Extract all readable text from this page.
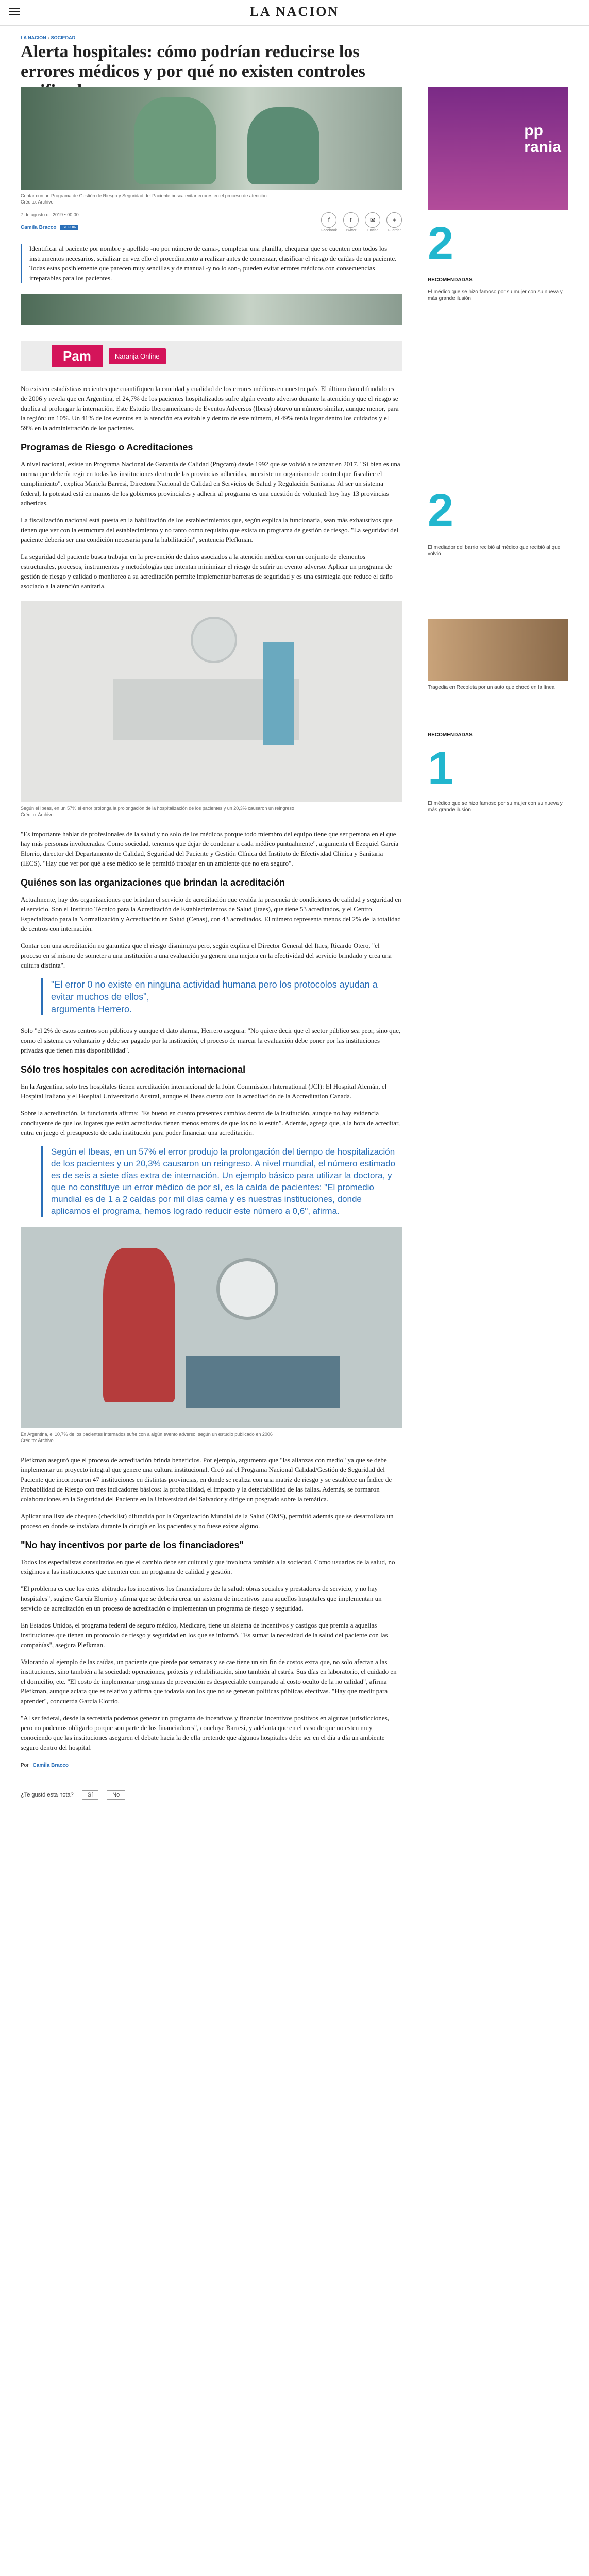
LA NACION
LA NACION › SOCIEDAD
Alerta hospitales: cómo podrían reducirse los errores médicos y por qué no existen controles
Contar con un Programa de Gestión de Riesgo y Seguridad del Paciente busca evitar errores en el proceso de atención
Crédito: Archivo
7 de agosto de 2019 • 00:00
Camila Bracco	SEGUIR
f
Facebook
t
Twitter
✉
Enviar
+
Guardar
Identificar al paciente por nombre y apellido -no por número de cama-, completar una planilla, chequear que se cuenten con todos los instrumentos necesarios, señalizar en vez ello el procedimiento a realizar antes de comenzar, clasificar el riesgo de caídas de un paciente. Todas estas posiblemente que parecen muy sencillas y de manual -y no lo son-, pueden evitar errores médicos con consecuencias irreparables para los pacientes.
Pam	Naranja Online

No existen estadísticas recientes que cuantifiquen la cantidad y cualidad de los errores médicos en nuestro país. El último dato difundido es de 2006 y revela que en Argentina, el 24,7% de los pacientes hospitalizados sufre algún evento adverso durante la atención y que el riesgo se duplica al prolongar la internación. Este Estudio Iberoamericano de Eventos Adversos (Ibeas) obtuvo un número similar, aunque menor, para la región: un 10%. Un 41% de los eventos en la atención era evitable y dentro de este número, el 49% tenía lugar dentro los cuidados y el 59% en la administración de los pacientes.

Programas de Riesgo o Acreditaciones

A nivel nacional, existe un Programa Nacional de Garantía de Calidad (Pngcam) desde 1992 que se volvió a relanzar en 2017. "Si bien es una norma que debería regir en todas las instituciones dentro de las provincias adheridas, no existe un organismo de control que fiscalice el cumplimiento", explica Mariela Barresi, Directora Nacional de Calidad en Servicios de Salud y Regulación Sanitaria. Al ser un sistema federal, la potestad está en manos de los gobiernos provinciales y adherir al programa es una cuestión de voluntad: hoy hay 13 provincias adheridas.

La fiscalización nacional está puesta en la habilitación de los establecimientos que, según explica la funcionaria, sean más exhaustivos que tienen que ver con la estructura del establecimiento y no tanto como requisito que exista un programa de gestión de riesgo. "La seguridad del paciente debería ser una condición necesaria para la habilitación", sentencia Plefkman.

La seguridad del paciente busca trabajar en la prevención de daños asociados a la atención médica con un conjunto de elementos estructurales, procesos, instrumentos y metodologías que intentan minimizar el riesgo de sufrir un evento adverso. Aplicar un programa de gestión de riesgo y calidad o monitoreo a su acreditación permite implementar barreras de seguridad y es una estrategia que reduce el daño asociado a la atención sanitaria.

Según el Ibeas, en un 57% el error prolonga la prolongación de la hospitalización de los pacientes y un 20,3% causaron un reingreso
Crédito: Archivo

"Es importante hablar de profesionales de la salud y no solo de los médicos porque todo miembro del equipo tiene que ser persona en el que hay más personas involucradas. Como sociedad, tenemos que dejar de condenar a cada médico puntualmente", argumenta el Ezequiel García Elorrio, director del Departamento de Calidad, Seguridad del Paciente y Gestión Clínica del Instituto de Efectividad Clínica y Sanitaria (IECS). "Hay que ver por qué a ese médico se le permitió trabajar en un ambiente que no era seguro".

Quiénes son las organizaciones que brindan la acreditación

Actualmente, hay dos organizaciones que brindan el servicio de acreditación que evalúa la presencia de condiciones de calidad y seguridad en el servicio. Son el Instituto Técnico para la Acreditación de Establecimientos de Salud (Itaes), que tiene 53 acreditados, y el Centro Especializado para la Normalización y Acreditación en Salud (Cenas), con 43 acreditados. El número representa menos del 2% de la totalidad de centros con internación.

Contar con una acreditación no garantiza que el riesgo disminuya pero, según explica el Director General del Itaes, Ricardo Otero, "el proceso en sí mismo de someter a una institución a una evaluación ya genera una mejora en la efectividad del servicio brindado y crea una cultura distinta".

"El error 0 no existe en ninguna actividad humana pero los protocolos ayudan a evitar muchos de ellos",
argumenta Herrero.

Solo "el 2% de estos centros son públicos y aunque el dato alarma, Herrero asegura: "No quiere decir que el sector público sea peor, sino que, como el sistema es voluntario y debe ser pagado por la institución, el proceso de marcar la evaluación debe poner por las instituciones privadas que tienen más disponibilidad".

Sólo tres hospitales con acreditación internacional

En la Argentina, solo tres hospitales tienen acreditación internacional de la Joint Commission International (JCI): El Hospital Alemán, el Hospital Italiano y el Hospital Universitario Austral, aunque el Ibeas cuenta con la acreditación de la Accreditation Canada.

Sobre la acreditación, la funcionaria afirma: "Es bueno en cuanto presentes cambios dentro de la institución, aunque no hay evidencia concluyente de que los lugares que están acreditados tienen menos errores de que los no lo están". Además, agrega que, a la hora de acreditar, entra en juego el presupuesto de cada institución para poder financiar una acreditación.

Según el Ibeas, en un 57% el error produjo la prolongación del tiempo de hospitalización de los pacientes y un 20,3% causaron un reingreso. A nivel mundial, el número estimado es de seis a siete días extra de internación. Un ejemplo básico para utilizar la doctora, y que no constituye un error médico de por sí, es la caída de pacientes: "El promedio mundial es de 1 a 2 caídas por mil días cama y es nuestras instituciones, donde aplicamos el programa, hemos logrado reducir este número a 0,6", afirma.
En Argentina, el 10,7% de los pacientes internados sufre con a algún evento adverso, según un estudio publicado en 2006
Crédito: Archivo

Plefkman aseguró que el proceso de acreditación brinda beneficios. Por ejemplo, argumenta que "las alianzas con medio" ya que se debe implementar un proyecto integral que genere una cultura institucional. Creó así el Programa Nacional Calidad/Gestión de Seguridad del Paciente que incorporaron 47 instituciones en distintas provincias, en donde se realiza con una matriz de riesgo y se establece un Índice de Probabilidad de Riesgo con tres indicadores básicos: la probabilidad, el impacto y la detectabilidad de las fallas. Además, se formaron colaboraciones en la Seguridad del Paciente en la Universidad del Salvador y dirige un posgrado sobre la temática.

Aplicar una lista de chequeo (checklist) difundida por la Organización Mundial de la Salud (OMS), permitió además que se desarrollara un proceso en donde se instalara durante la cirugía en los pacientes y no fuese existe alguno.

"No hay incentivos por parte de los financiadores"

Todos los especialistas consultados en que el cambio debe ser cultural y que involucra también a la sociedad. Como usuarios de la salud, no exigimos a las instituciones que cuenten con un programa de calidad y gestión.

"El problema es que los entes abitrados los incentivos los financiadores de la salud: obras sociales y prestadores de servicio, y no hay hospitales", sugiere García Elorrio y afirma que se debería crear un sistema de incentivos para aquellos hospitales que implementan un servicio de acreditación en un proceso de acreditación o implementan un programa de riesgo y seguridad.

En Estados Unidos, el programa federal de seguro médico, Medicare, tiene un sistema de incentivos y castigos que premia a aquellas instituciones que tienen un protocolo de riesgo y seguridad en los que se informó. "Es sumar la necesidad de la salud del paciente con las compañías", asegura Plefkman.

Valorando al ejemplo de las caídas, un paciente que pierde por semanas y se cae tiene un sin fin de costos extra que, no solo afectan a las instituciones, sino también a la sociedad: operaciones, prótesis y rehabilitación, sino también al estrés. Sus días en laboratorio, el cuidado en el domicilio, etc. "El costo de implementar programas de prevención es despreciable comparado al costo oculto de la no calidad", afirma Plefkman, aunque aclara que es relativo y afirma que todavía son los que no se generan políticas públicas efectivas. "Hay que medir para aprender", concuerda García Elorrio.

"Al ser federal, desde la secretaría podemos generar un programa de incentivos y financiar incentivos positivos en algunas jurisdicciones, pero no podemos obligarlo porque son parte de los financiadores", concluye Barresi, y adelanta que en el caso de que no esten muy conociendo que las instituciones aseguren el debate hacia la de ella pretende que algunos hospitales debe ser en el día a día un ambiente seguro dentro del hospital.

Por Camila Bracco
¿Te gustó esta nota?	Sí	No
pp
rania
2
RECOMENDADAS
El médico que se hizo famoso por su mujer con su nueva y más grande ilusión
2
El mediador del barrio recibió al médico que recibió al que volvió
Tragedia en Recoleta por un auto que chocó en la línea
RECOMENDADAS
1
El médico que se hizo famoso por su mujer con su nueva y más grande ilusión
